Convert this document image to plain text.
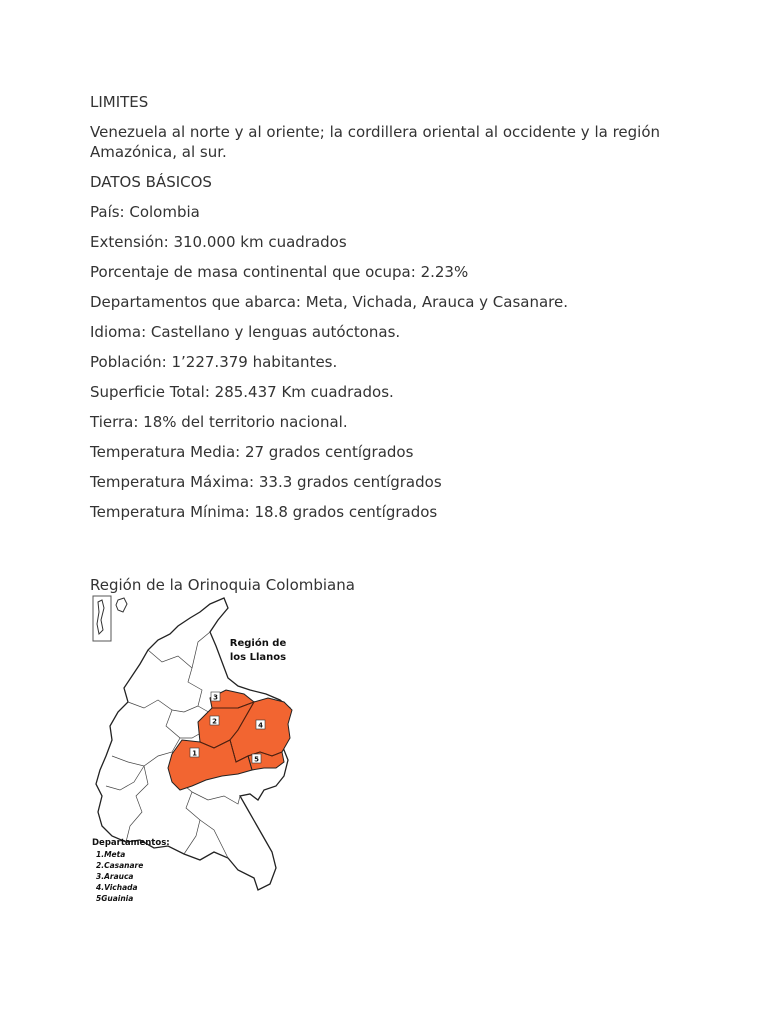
LIMITES

Venezuela al norte y al oriente; la cordillera oriental al occidente y la región Amazónica, al sur.

DATOS BÁSICOS

País: Colombia

Extensión: 310.000 km cuadrados

Porcentaje de masa continental que ocupa: 2.23%

Departamentos que abarca: Meta, Vichada, Arauca y Casanare.

Idioma: Castellano y lenguas autóctonas.

Población: 1’227.379 habitantes.

Superficie Total: 285.437 Km cuadrados.

Tierra: 18% del territorio nacional.

Temperatura Media: 27 grados centígrados

Temperatura Máxima: 33.3 grados centígrados

Temperatura Mínima: 18.8 grados centígrados

Región de la Orinoquia Colombiana

3
2	4
1
5
Región de
los Llanos
Departamentos:
1.Meta
2.Casanare
3.Arauca
4.Vichada
5Guainia
